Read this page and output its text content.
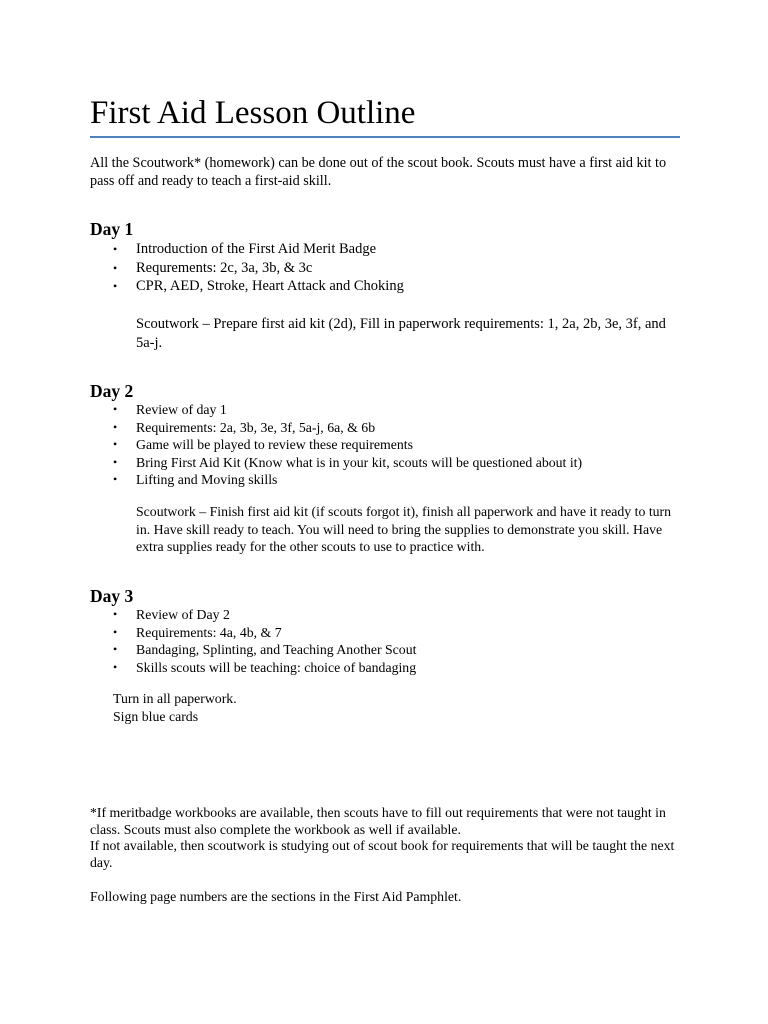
First Aid Lesson Outline
All the Scoutwork* (homework) can be done out of the scout book. Scouts must have a first aid kit to pass off and ready to teach a first-aid skill.
Day 1
• Introduction of the First Aid Merit Badge
• Requrements: 2c, 3a, 3b, & 3c
• CPR, AED, Stroke, Heart Attack and Choking
Scoutwork – Prepare first aid kit (2d), Fill in paperwork requirements: 1, 2a, 2b, 3e, 3f, and 5a-j.
Day 2
• Review of day 1
• Requirements: 2a, 3b, 3e, 3f, 5a-j, 6a, & 6b
• Game will be played to review these requirements
• Bring First Aid Kit (Know what is in your kit, scouts will be questioned about it)
• Lifting and Moving skills
Scoutwork – Finish first aid kit (if scouts forgot it), finish all paperwork and have it ready to turn in. Have skill ready to teach. You will need to bring the supplies to demonstrate you skill. Have extra supplies ready for the other scouts to use to practice with.
Day 3
• Review of Day 2
• Requirements: 4a, 4b, & 7
• Bandaging, Splinting, and Teaching Another Scout
• Skills scouts will be teaching: choice of bandaging
Turn in all paperwork.
Sign blue cards
*If meritbadge workbooks are available, then scouts have to fill out requirements that were not taught in class. Scouts must also complete the workbook as well if available.
If not available, then scoutwork is studying out of scout book for requirements that will be taught the next day.
Following page numbers are the sections in the First Aid Pamphlet.
